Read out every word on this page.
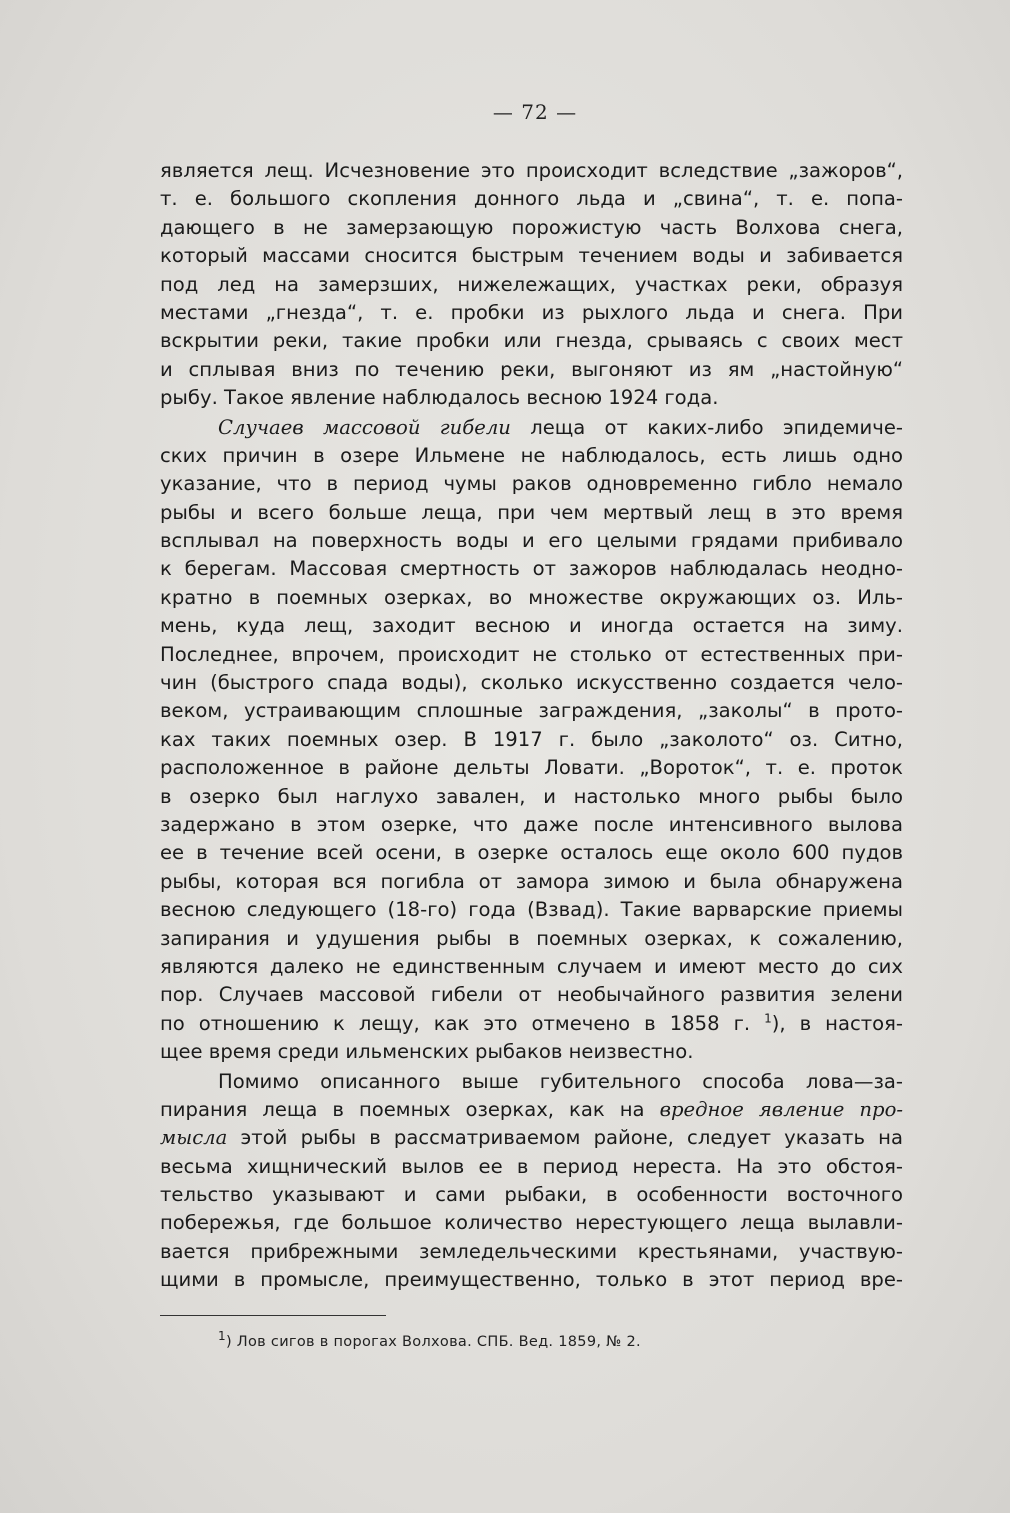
— 72 —
является лещ. Исчезновение это происходит вследствие „зажоров“,
т. е. большого скопления донного льда и „свина“, т. е. попа-
дающего в не замерзающую порожистую часть Волхова снега,
который массами сносится быстрым течением воды и забивается
под лед на замерзших, нижележащих, участках реки, образуя
местами „гнезда“, т. е. пробки из рыхлого льда и снега. При
вскрытии реки, такие пробки или гнезда, срываясь с своих мест
и сплывая вниз по течению реки, выгоняют из ям „настойную“
рыбу. Такое явление наблюдалось весною 1924 года.
Случаев массовой гибели леща от каких-либо эпидемиче-
ских причин в озере Ильмене не наблюдалось, есть лишь одно
указание, что в период чумы раков одновременно гибло немало
рыбы и всего больше леща, при чем мертвый лещ в это время
всплывал на поверхность воды и его целыми грядами прибивало
к берегам. Массовая смертность от зажоров наблюдалась неодно-
кратно в поемных озерках, во множестве окружающих оз. Иль-
мень, куда лещ, заходит весною и иногда остается на зиму.
Последнее, впрочем, происходит не столько от естественных при-
чин (быстрого спада воды), сколько искусственно создается чело-
веком, устраивающим сплошные заграждения, „заколы“ в прото-
ках таких поемных озер. В 1917 г. было „заколото“ оз. Ситно,
расположенное в районе дельты Ловати. „Вороток“, т. е. проток
в озерко был наглухо завален, и настолько много рыбы было
задержано в этом озерке, что даже после интенсивного вылова
ее в течение всей осени, в озерке осталось еще около 600 пудов
рыбы, которая вся погибла от замора зимою и была обнаружена
весною следующего (18-го) года (Взвад). Такие варварские приемы
запирания и удушения рыбы в поемных озерках, к сожалению,
являются далеко не единственным случаем и имеют место до сих
пор. Случаев массовой гибели от необычайного развития зелени
по отношению к лещу, как это отмечено в 1858 г. $^1$), в настоя-
щее время среди ильменских рыбаков неизвестно.
Помимо описанного выше губительного способа лова—за-
пирания леща в поемных озерках, как на вредное явление про-
мысла этой рыбы в рассматриваемом районе, следует указать на
весьма хищнический вылов ее в период нереста. На это обстоя-
тельство указывают и сами рыбаки, в особенности восточного
побережья, где большое количество нерестующего леща вылавли-
вается прибрежными земледельческими крестьянами, участвую-
щими в промысле, преимущественно, только в этот период вре-
$^1$) Лов сигов в порогах Волхова. СПБ. Вед. 1859, № 2.
